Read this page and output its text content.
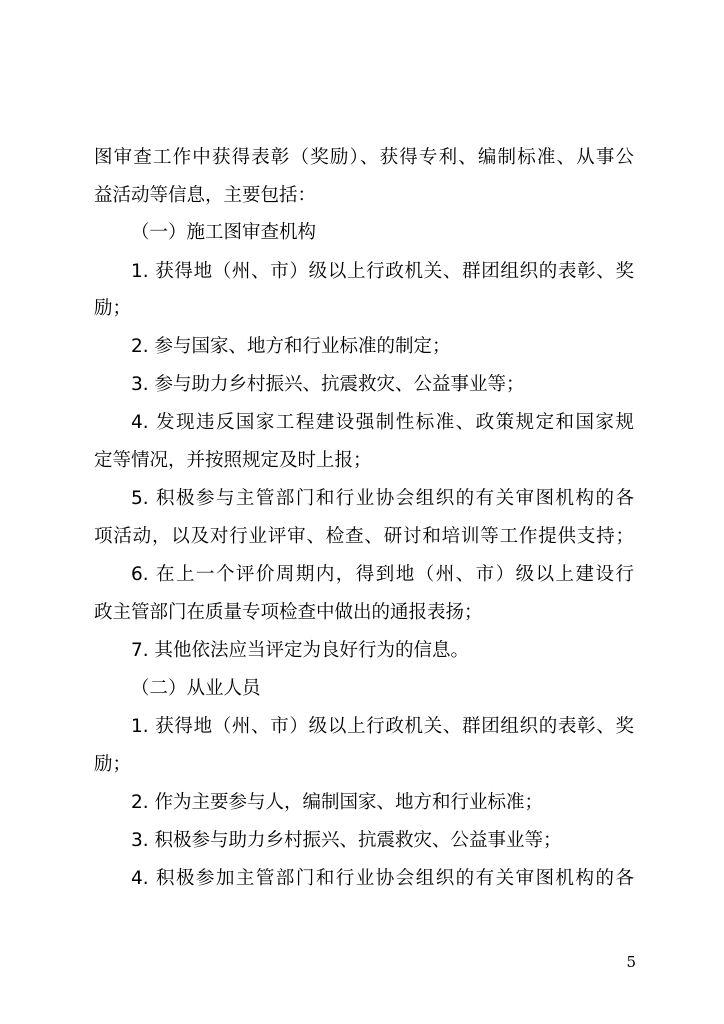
图审查工作中获得表彰（奖励）、获得专利、编制标准、从事公
益活动等信息，主要包括：
（一）施工图审查机构
1. 获得地（州、市）级以上行政机关、群团组织的表彰、奖
励；
2. 参与国家、地方和行业标准的制定；
3. 参与助力乡村振兴、抗震救灾、公益事业等；
4. 发现违反国家工程建设强制性标准、政策规定和国家规
定等情况，并按照规定及时上报；
5. 积极参与主管部门和行业协会组织的有关审图机构的各
项活动，以及对行业评审、检查、研讨和培训等工作提供支持；
6. 在上一个评价周期内，得到地（州、市）级以上建设行
政主管部门在质量专项检查中做出的通报表扬；
7. 其他依法应当评定为良好行为的信息。
（二）从业人员
1. 获得地（州、市）级以上行政机关、群团组织的表彰、奖
励；
2. 作为主要参与人，编制国家、地方和行业标准；
3. 积极参与助力乡村振兴、抗震救灾、公益事业等；
4. 积极参加主管部门和行业协会组织的有关审图机构的各
5
